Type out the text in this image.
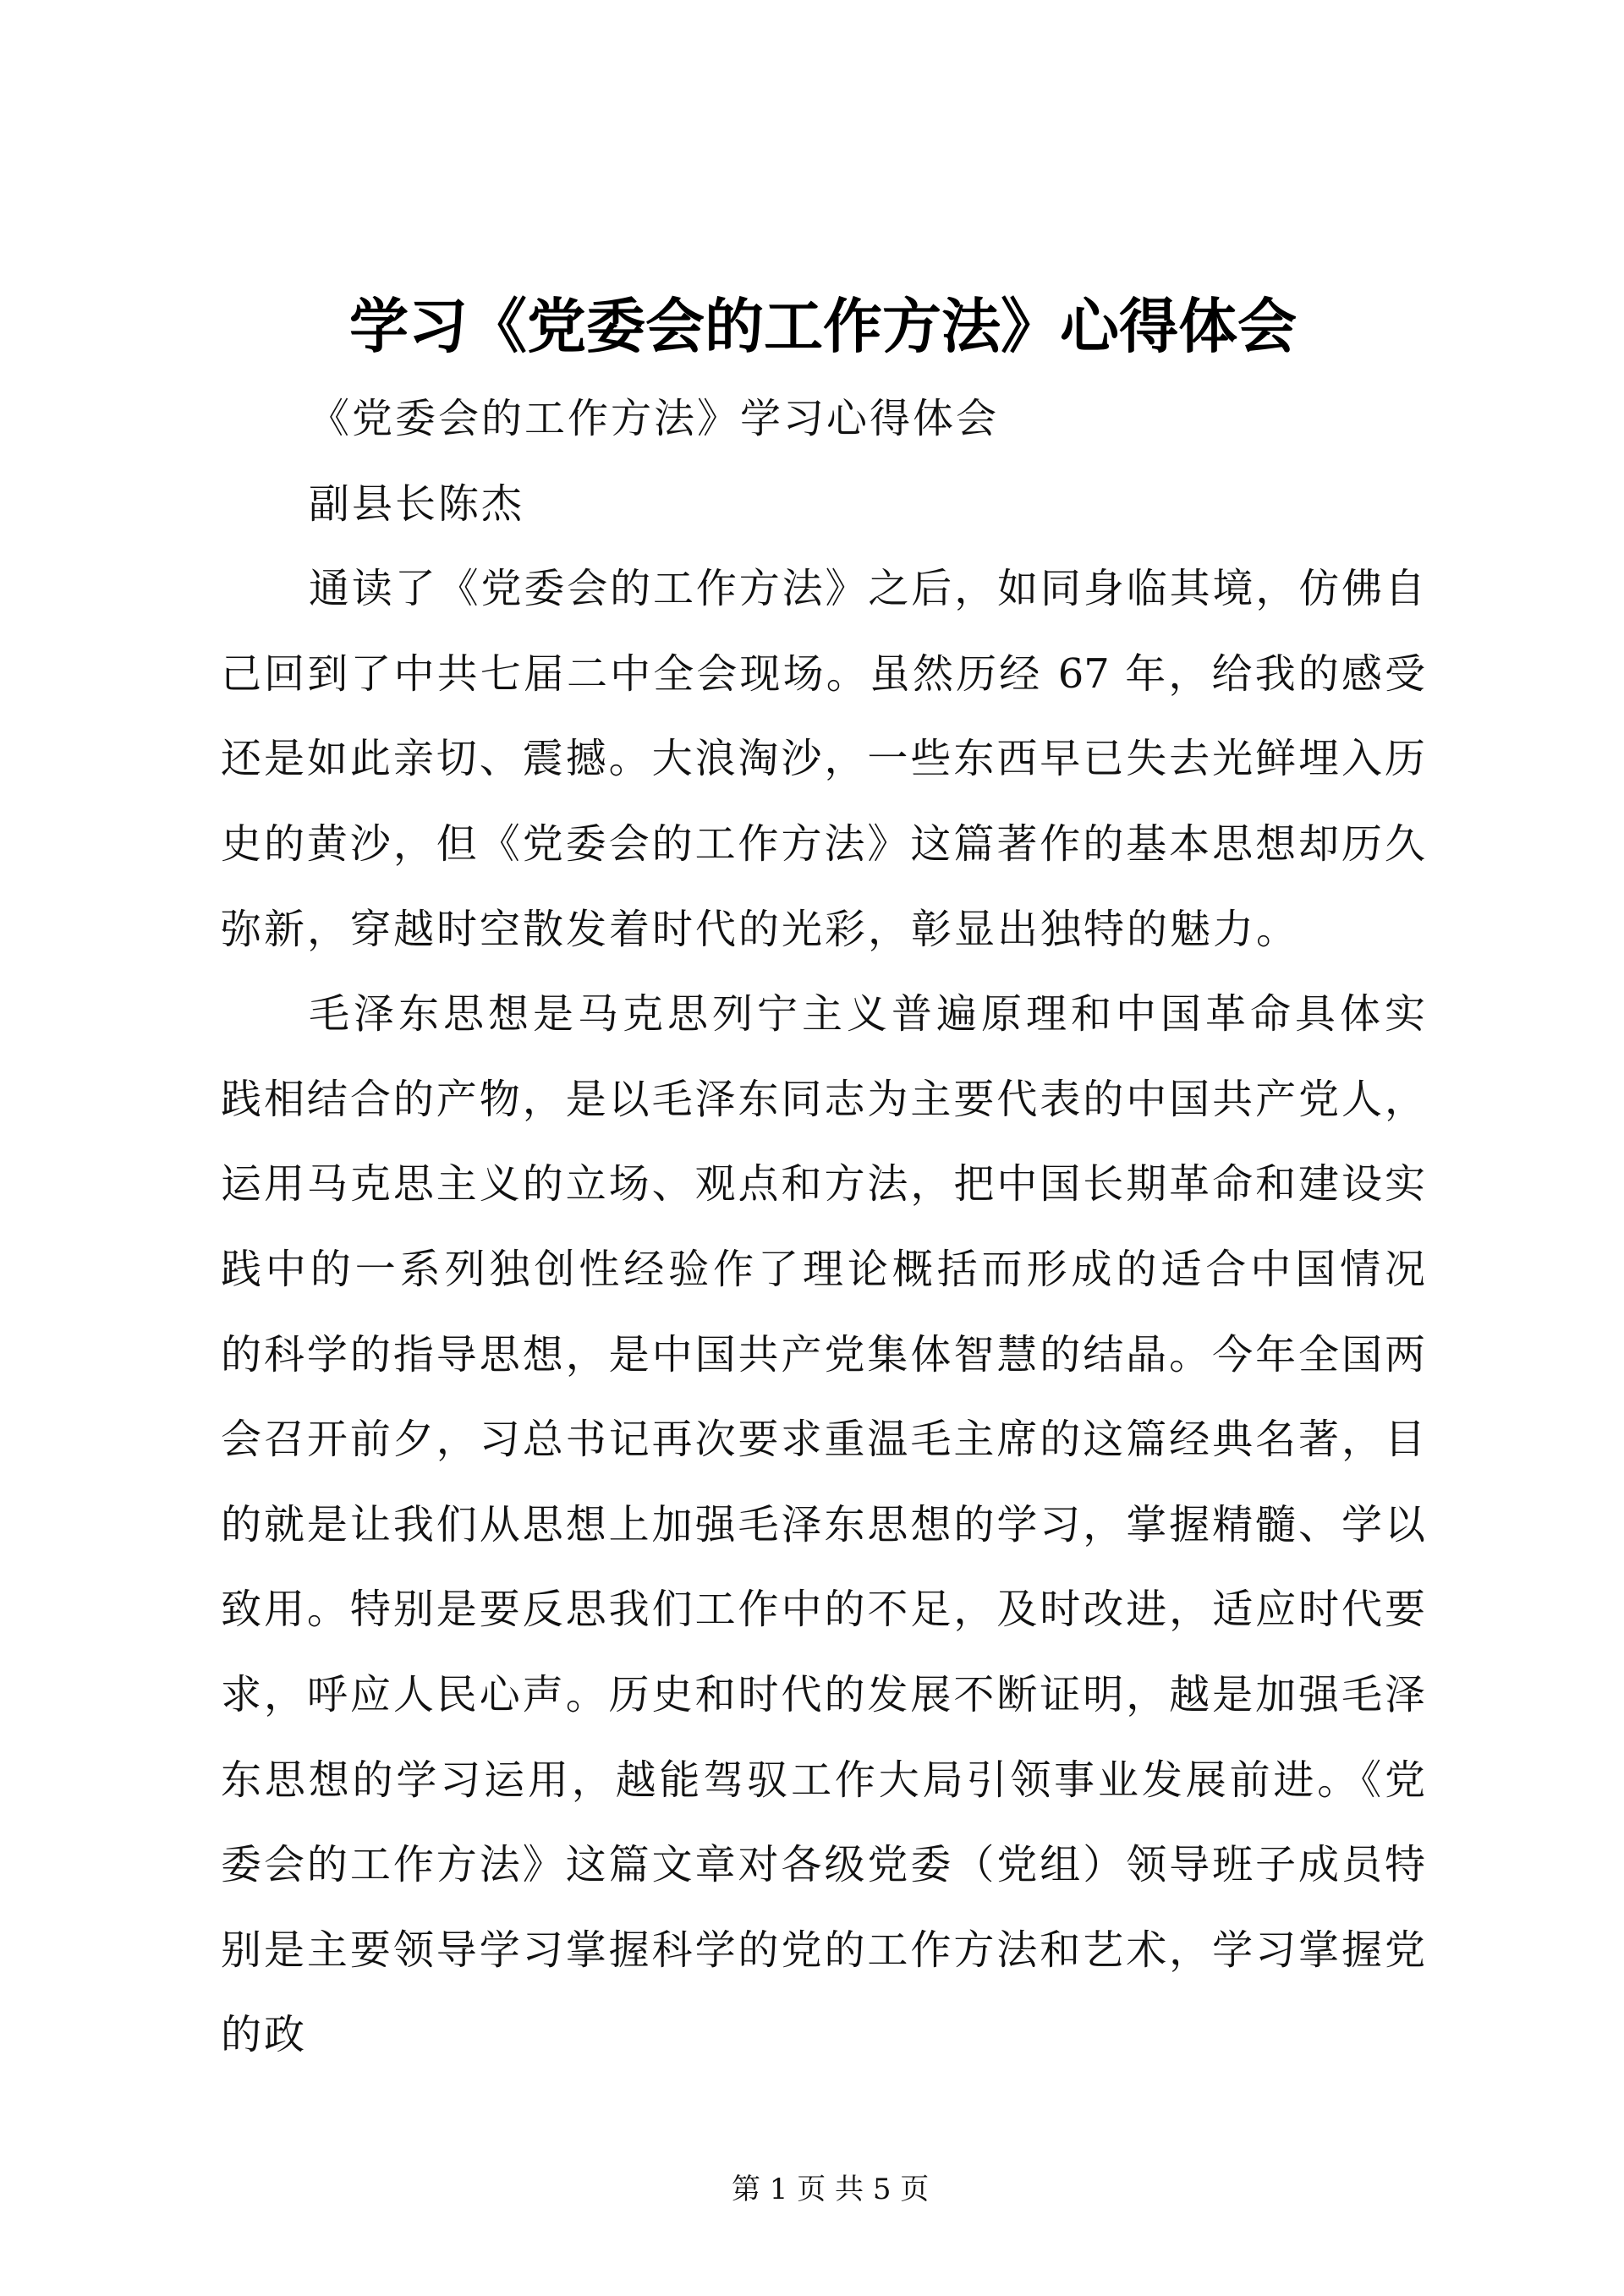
学习《党委会的工作方法》心得体会
《党委会的工作方法》学习心得体会
副县长陈杰
通读了《党委会的工作方法》之后，如同身临其境，仿佛自
己回到了中共七届二中全会现场。虽然历经 67 年，给我的感受
还是如此亲切、震撼。大浪淘沙，一些东西早已失去光鲜埋入历
史的黄沙，但《党委会的工作方法》这篇著作的基本思想却历久
弥新，穿越时空散发着时代的光彩，彰显出独特的魅力。
毛泽东思想是马克思列宁主义普遍原理和中国革命具体实
践相结合的产物，是以毛泽东同志为主要代表的中国共产党人，
运用马克思主义的立场、观点和方法，把中国长期革命和建设实
践中的一系列独创性经验作了理论概括而形成的适合中国情况
的科学的指导思想，是中国共产党集体智慧的结晶。今年全国两
会召开前夕，习总书记再次要求重温毛主席的这篇经典名著，目
的就是让我们从思想上加强毛泽东思想的学习，掌握精髓、学以
致用。特别是要反思我们工作中的不足，及时改进，适应时代要
求，呼应人民心声。历史和时代的发展不断证明，越是加强毛泽
东思想的学习运用，越能驾驭工作大局引领事业发展前进。《党
委会的工作方法》这篇文章对各级党委（党组）领导班子成员特
别是主要领导学习掌握科学的党的工作方法和艺术，学习掌握党
的政

第 1 页 共 5 页
